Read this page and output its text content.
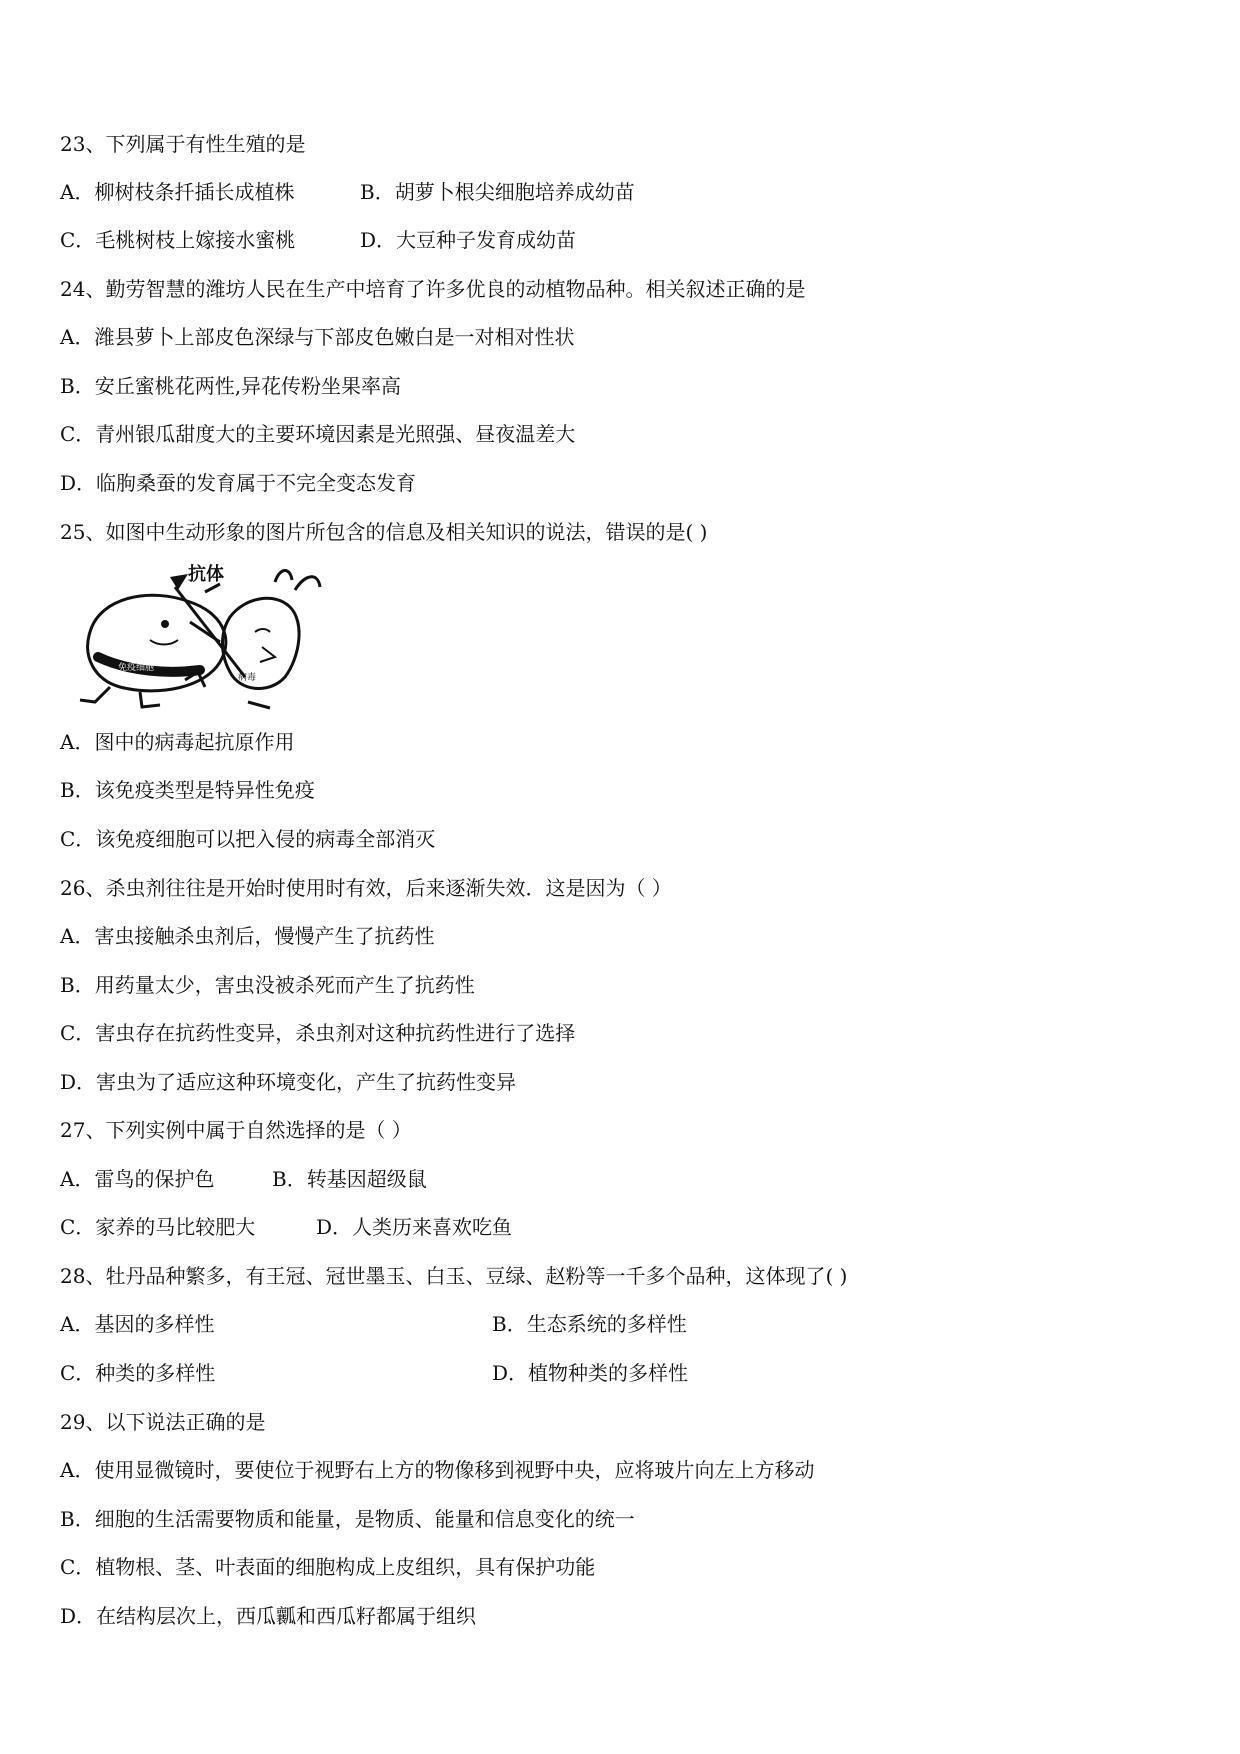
23、下列属于有性生殖的是

A．柳树枝条扦插长成植株	B．胡萝卜根尖细胞培养成幼苗
C．毛桃树枝上嫁接水蜜桃	D．大豆种子发育成幼苗

24、勤劳智慧的潍坊人民在生产中培育了许多优良的动植物品种。相关叙述正确的是

A．潍县萝卜上部皮色深绿与下部皮色嫩白是一对相对性状

B．安丘蜜桃花两性,异花传粉坐果率高

C．青州银瓜甜度大的主要环境因素是光照强、昼夜温差大

D．临朐桑蚕的发育属于不完全变态发育

25、如图中生动形象的图片所包含的信息及相关知识的说法，错误的是( )

免疫细胞
抗体
病毒

A．图中的病毒起抗原作用

B．该免疫类型是特异性免疫

C．该免疫细胞可以把入侵的病毒全部消灭

26、杀虫剂往往是开始时使用时有效，后来逐渐失效．这是因为（ ）

A．害虫接触杀虫剂后，慢慢产生了抗药性

B．用药量太少，害虫没被杀死而产生了抗药性

C．害虫存在抗药性变异，杀虫剂对这种抗药性进行了选择

D．害虫为了适应这种环境变化，产生了抗药性变异

27、下列实例中属于自然选择的是（ ）

A．雷鸟的保护色	B．转基因超级鼠
C．家养的马比较肥大	D．人类历来喜欢吃鱼

28、牡丹品种繁多，有王冠、冠世墨玉、白玉、豆绿、赵粉等一千多个品种，这体现了( )

A．基因的多样性	B．生态系统的多样性
C．种类的多样性	D．植物种类的多样性

29、以下说法正确的是

A．使用显微镜时，要使位于视野右上方的物像移到视野中央，应将玻片向左上方移动

B．细胞的生活需要物质和能量，是物质、能量和信息变化的统一

C．植物根、茎、叶表面的细胞构成上皮组织，具有保护功能

D．在结构层次上，西瓜瓤和西瓜籽都属于组织
